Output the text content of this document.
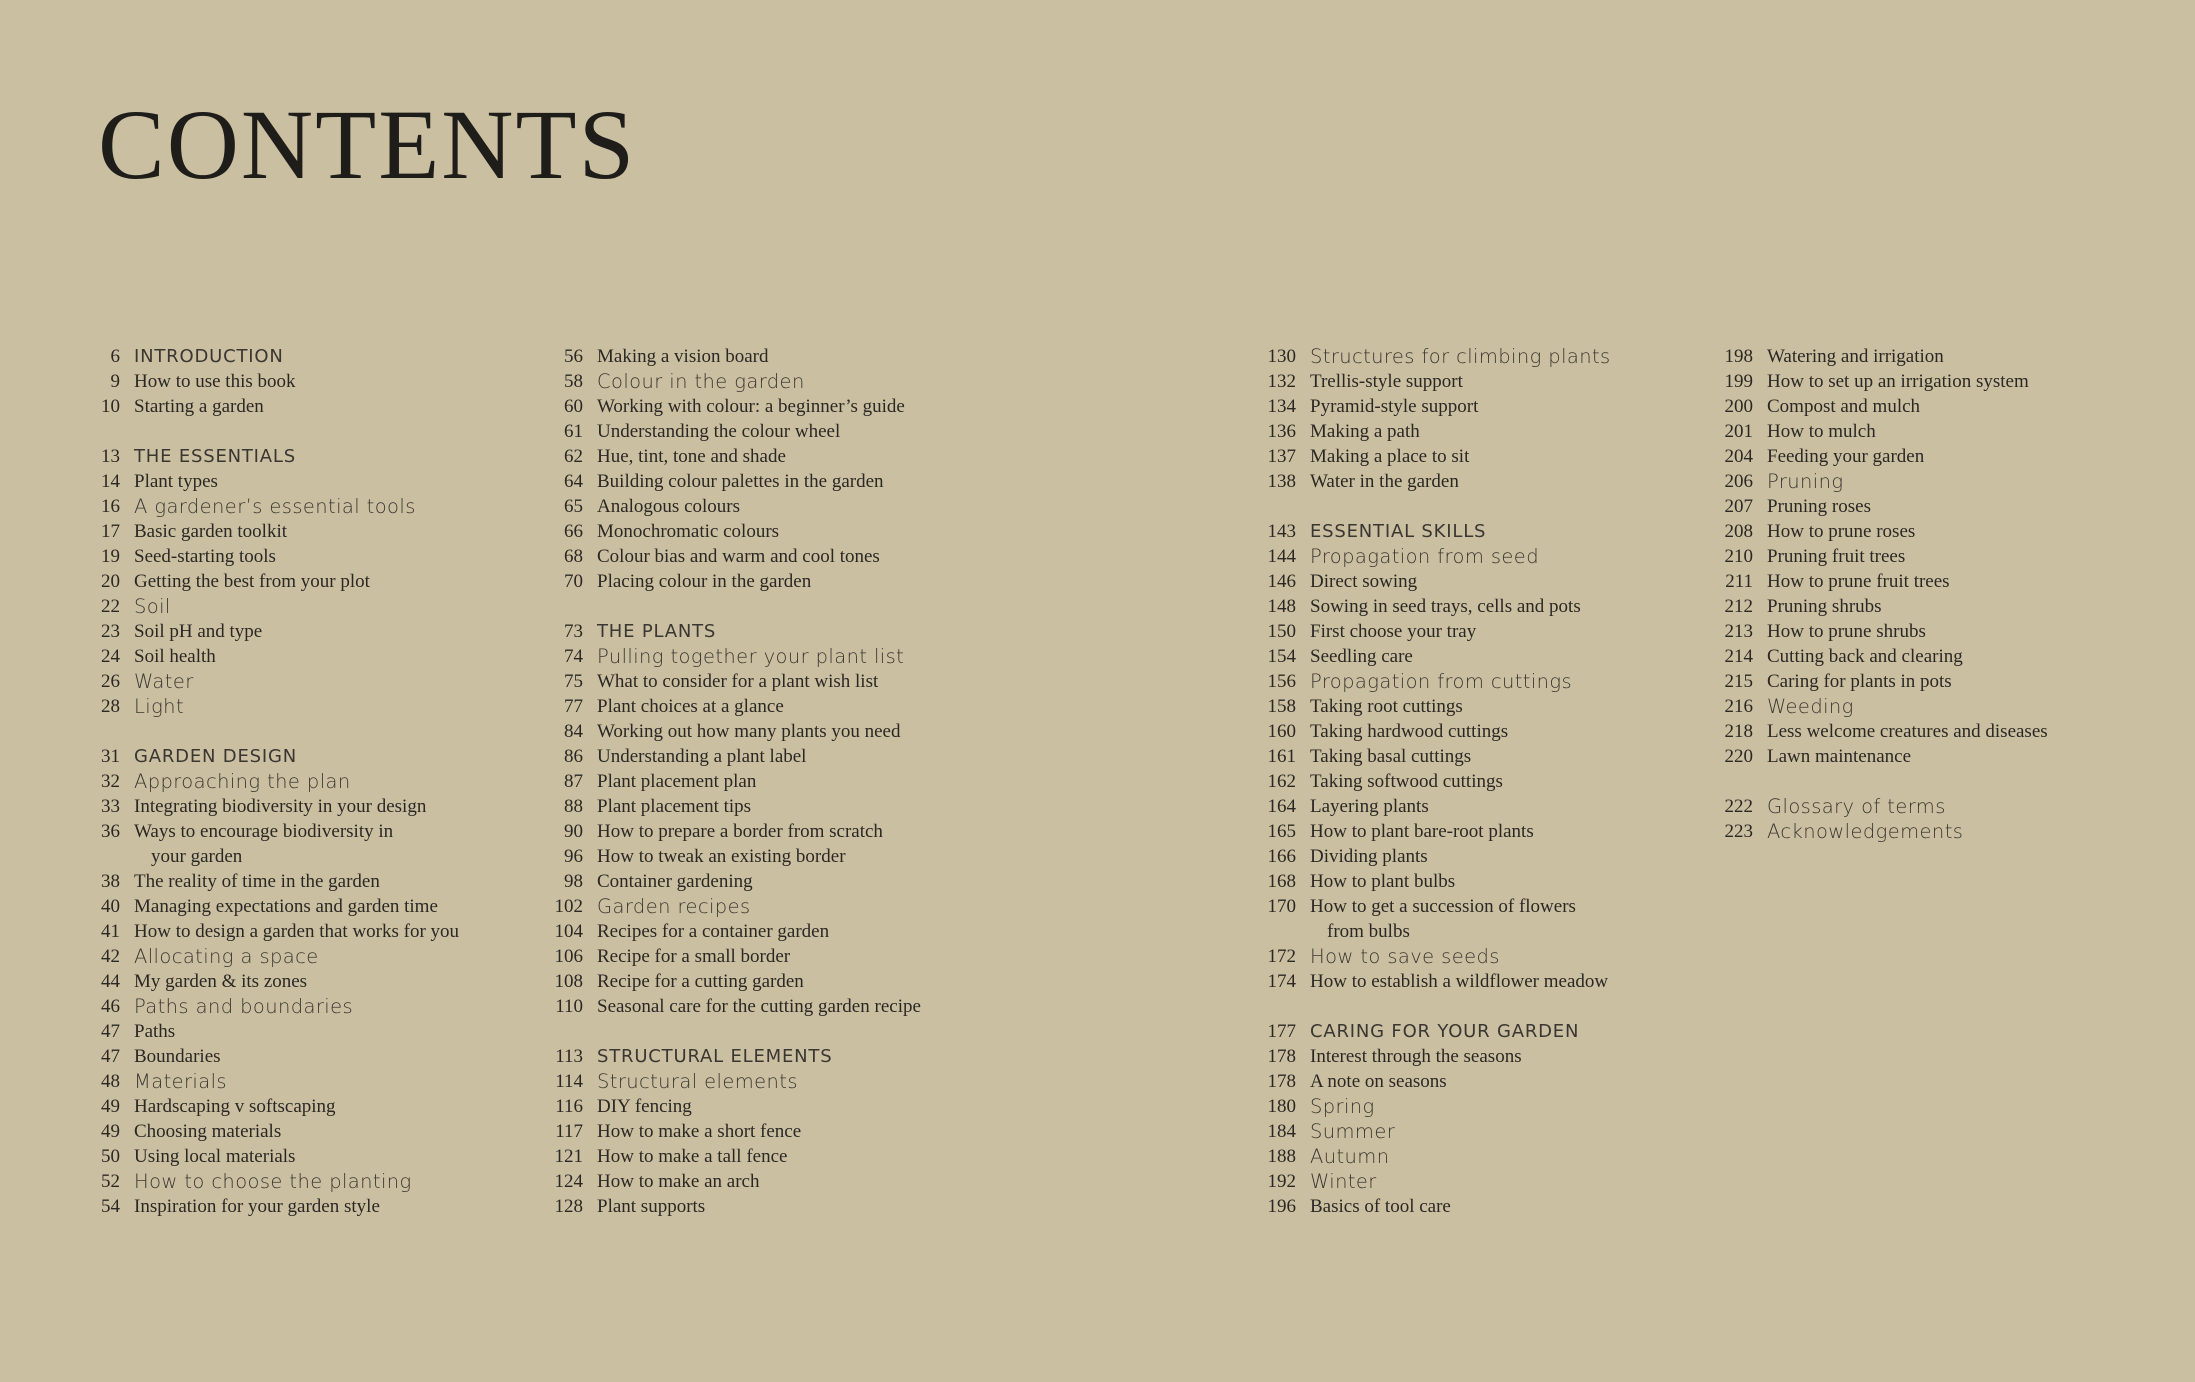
CONTENTS
6 INTRODUCTION
9 How to use this book
10 Starting a garden
13 THE ESSENTIALS
14 Plant types
16 A gardener’s essential tools
17 Basic garden toolkit
19 Seed-starting tools
20 Getting the best from your plot
22 Soil
23 Soil pH and type
24 Soil health
26 Water
28 Light
31 GARDEN DESIGN
32 Approaching the plan
33 Integrating biodiversity in your design
36 Ways to encourage biodiversity in
your garden
38 The reality of time in the garden
40 Managing expectations and garden time
41 How to design a garden that works for you
42 Allocating a space
44 My garden & its zones
46 Paths and boundaries
47 Paths
47 Boundaries
48 Materials
49 Hardscaping v softscaping
49 Choosing materials
50 Using local materials
52 How to choose the planting
54 Inspiration for your garden style
56 Making a vision board
58 Colour in the garden
60 Working with colour: a beginner’s guide
61 Understanding the colour wheel
62 Hue, tint, tone and shade
64 Building colour palettes in the garden
65 Analogous colours
66 Monochromatic colours
68 Colour bias and warm and cool tones
70 Placing colour in the garden
73 THE PLANTS
74 Pulling together your plant list
75 What to consider for a plant wish list
77 Plant choices at a glance
84 Working out how many plants you need
86 Understanding a plant label
87 Plant placement plan
88 Plant placement tips
90 How to prepare a border from scratch
96 How to tweak an existing border
98 Container gardening
102 Garden recipes
104 Recipes for a container garden
106 Recipe for a small border
108 Recipe for a cutting garden
110 Seasonal care for the cutting garden recipe
113 STRUCTURAL ELEMENTS
114 Structural elements
116 DIY fencing
117 How to make a short fence
121 How to make a tall fence
124 How to make an arch
128 Plant supports
130 Structures for climbing plants
132 Trellis-style support
134 Pyramid-style support
136 Making a path
137 Making a place to sit
138 Water in the garden
143 ESSENTIAL SKILLS
144 Propagation from seed
146 Direct sowing
148 Sowing in seed trays, cells and pots
150 First choose your tray
154 Seedling care
156 Propagation from cuttings
158 Taking root cuttings
160 Taking hardwood cuttings
161 Taking basal cuttings
162 Taking softwood cuttings
164 Layering plants
165 How to plant bare-root plants
166 Dividing plants
168 How to plant bulbs
170 How to get a succession of flowers
from bulbs
172 How to save seeds
174 How to establish a wildflower meadow
177 CARING FOR YOUR GARDEN
178 Interest through the seasons
178 A note on seasons
180 Spring
184 Summer
188 Autumn
192 Winter
196 Basics of tool care
198 Watering and irrigation
199 How to set up an irrigation system
200 Compost and mulch
201 How to mulch
204 Feeding your garden
206 Pruning
207 Pruning roses
208 How to prune roses
210 Pruning fruit trees
211 How to prune fruit trees
212 Pruning shrubs
213 How to prune shrubs
214 Cutting back and clearing
215 Caring for plants in pots
216 Weeding
218 Less welcome creatures and diseases
220 Lawn maintenance
222 Glossary of terms
223 Acknowledgements
